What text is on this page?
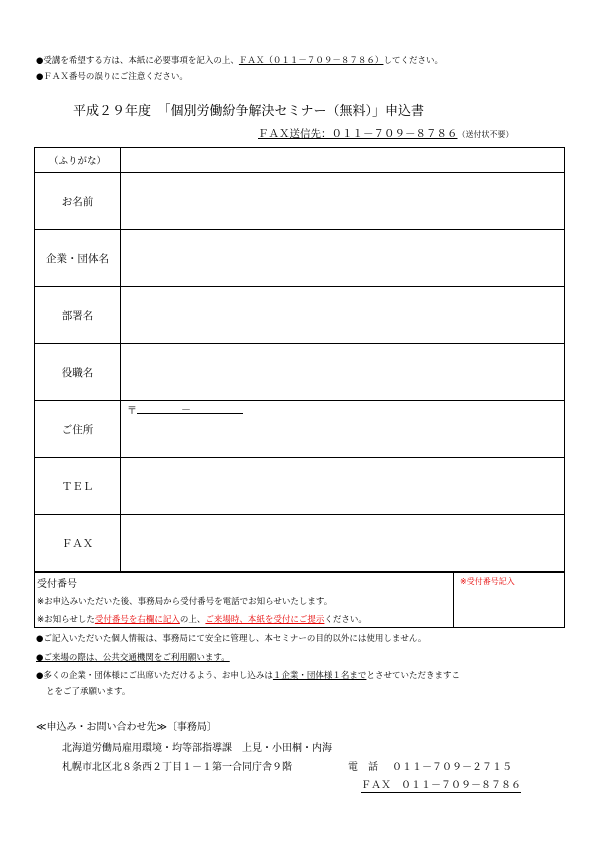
●受講を希望する方は、本紙に必要事項を記入の上、ＦＡＸ（０１１－７０９－８７８６）してください。
●ＦＡＸ番号の誤りにご注意ください。
平成２９年度　「個別労働紛争解決セミナー（無料）」申込書
ＦＡＸ送信先：０１１－７０９－８７８６（送付状不要）
（ふりがな）	
お名前	
企業・団体名	
部署名	
役職名	
ご住所	〒 －

ＴＥＬ	
ＦＡＸ	
受付番号
※お申込みいただいた後、事務局から受付番号を電話でお知らせいたします。
※お知らせした受付番号を右欄に記入の上、ご来場時、本紙を受付にご提示ください。
※受付番号記入
●ご記入いただいた個人情報は、事務局にて安全に管理し、本セミナーの目的以外には使用しません。
●ご来場の際は、公共交通機関をご利用願います。
●多くの企業・団体様にご出席いただけるよう、お申し込みは１企業・団体様１名までとさせていただきますこ
とをご了承願います。
≪申込み・お問い合わせ先≫〔事務局〕
北海道労働局雇用環境・均等部指導課　上見・小田桐・内海
札幌市北区北８条西２丁目１－１第一合同庁舎９階	電　話 ０１１－７０９－２７１５
ＦＡＸ　０１１－７０９－８７８６
